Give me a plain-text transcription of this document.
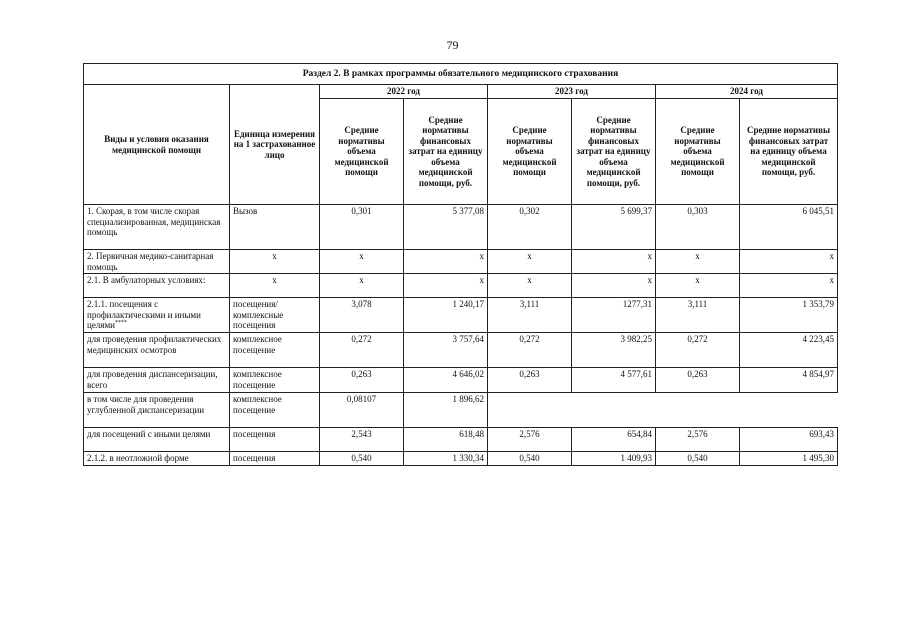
79
Раздел 2. В рамках программы обязательного медицинского страхования							
Виды и условия оказания медицинской помощи	Единица измерения на 1 застрахованное лицо	2022 год		2023 год		2024 год	
		Средние нормативы объема медицинской помощи	Средние нормативы финансовых затрат на единицу объема медицинской помощи, руб.	Средние нормативы объема медицинской помощи	Средние нормативы финансовых затрат на единицу объема медицинской помощи, руб.	Средние нормативы объема медицинской помощи	Средние нормативы финансовых затрат на единицу объема медицинской помощи, руб.
1. Скорая, в том числе скорая специализированная, медицинская помощь	Вызов	0,301	5 377,08	0,302	5 699,37	0,303	6 045,51
2. Первичная медико-санитарная помощь	х	х	х	х	х	х	х
2.1. В амбулаторных условиях:	х	х	х	х	х	х	х
2.1.1. посещения с профилактическими и иными целями****	посещения/ комплексные посещения	3,078	1 240,17	3,111	1277,31	3,111	1 353,79
для проведения профилактических медицинских осмотров	комплексное посещение	0,272	3 757,64	0,272	3 982,25	0,272	4 223,45
для проведения диспансеризации, всего	комплексное посещение	0,263	4 646,02	0,263	4 577,61	0,263	4 854,97
в том числе для проведения углубленной диспансеризации	комплексное посещение	0,08107	1 896,62				
для посещений с иными целями	посещения	2,543	618,48	2,576	654,84	2,576	693,43
2.1.2. в неотложной форме	посещения	0,540	1 330,34	0,540	1 409,93	0,540	1 495,30
